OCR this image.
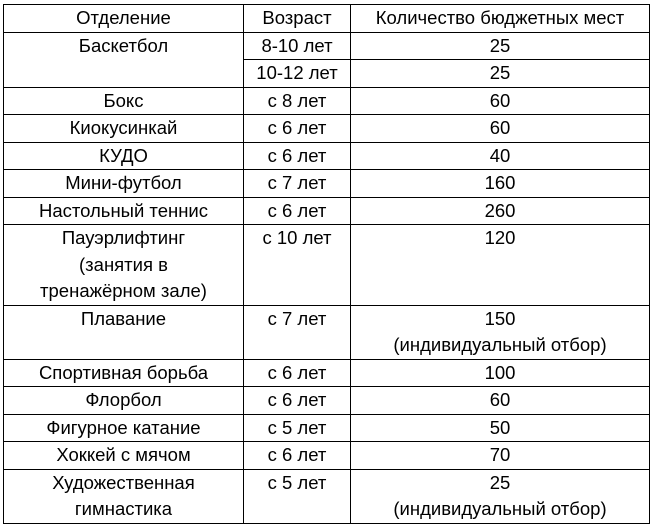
Отделение	Возраст	Количество бюджетных мест

Баскетбол	8-10 лет	25

	10-12 лет	25

Бокс	с 8 лет	60

Киокусинкай	с 6 лет	60

КУДО	с 6 лет	40

Мини-футбол	с 7 лет	160

Настольный теннис	с 6 лет	260

Пауэрлифтинг
(занятия в
тренажёрном зале)	с 10 лет	120

Плавание	с 7 лет	150
(индивидуальный отбор)

Спортивная борьба	с 6 лет	100

Флорбол	с 6 лет	60

Фигурное катание	с 5 лет	50

Хоккей с мячом	с 6 лет	70

Художественная
гимнастика	с 5 лет	25
(индивидуальный отбор)
